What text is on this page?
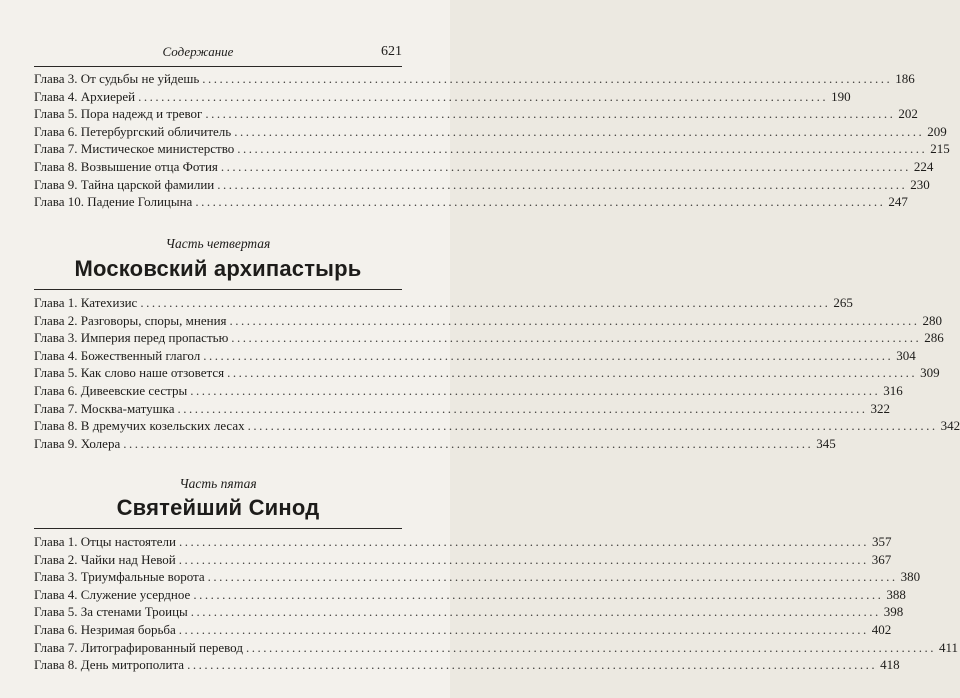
Содержание	621
Глава 3. От судьбы не уйдешь ........................................................................................................................ 186
Глава 4. Архиерей ........................................................................................................................ 190
Глава 5. Пора надежд и тревог ........................................................................................................................ 202
Глава 6. Петербургский обличитель ........................................................................................................................ 209
Глава 7. Мистическое министерство ........................................................................................................................ 215
Глава 8. Возвышение отца Фотия ........................................................................................................................ 224
Глава 9. Тайна царской фамилии ........................................................................................................................ 230
Глава 10. Падение Голицына ........................................................................................................................ 247
Часть четвертая
Московский архипастырь
Глава 1. Катехизис ........................................................................................................................ 265
Глава 2. Разговоры, споры, мнения ........................................................................................................................ 280
Глава 3. Империя перед пропастью ........................................................................................................................ 286
Глава 4. Божественный глагол ........................................................................................................................ 304
Глава 5. Как слово наше отзовется ........................................................................................................................ 309
Глава 6. Дивеевские сестры ........................................................................................................................ 316
Глава 7. Москва-матушка ........................................................................................................................ 322
Глава 8. В дремучих козельских лесах ........................................................................................................................ 342
Глава 9. Холера ........................................................................................................................ 345
Часть пятая
Святейший Синод
Глава 1. Отцы настоятели ........................................................................................................................ 357
Глава 2. Чайки над Невой ........................................................................................................................ 367
Глава 3. Триумфальные ворота ........................................................................................................................ 380
Глава 4. Служение усердное ........................................................................................................................ 388
Глава 5. За стенами Троицы ........................................................................................................................ 398
Глава 6. Незримая борьба ........................................................................................................................ 402
Глава 7. Литографированный перевод ........................................................................................................................ 411
Глава 8. День митрополита ........................................................................................................................ 418
